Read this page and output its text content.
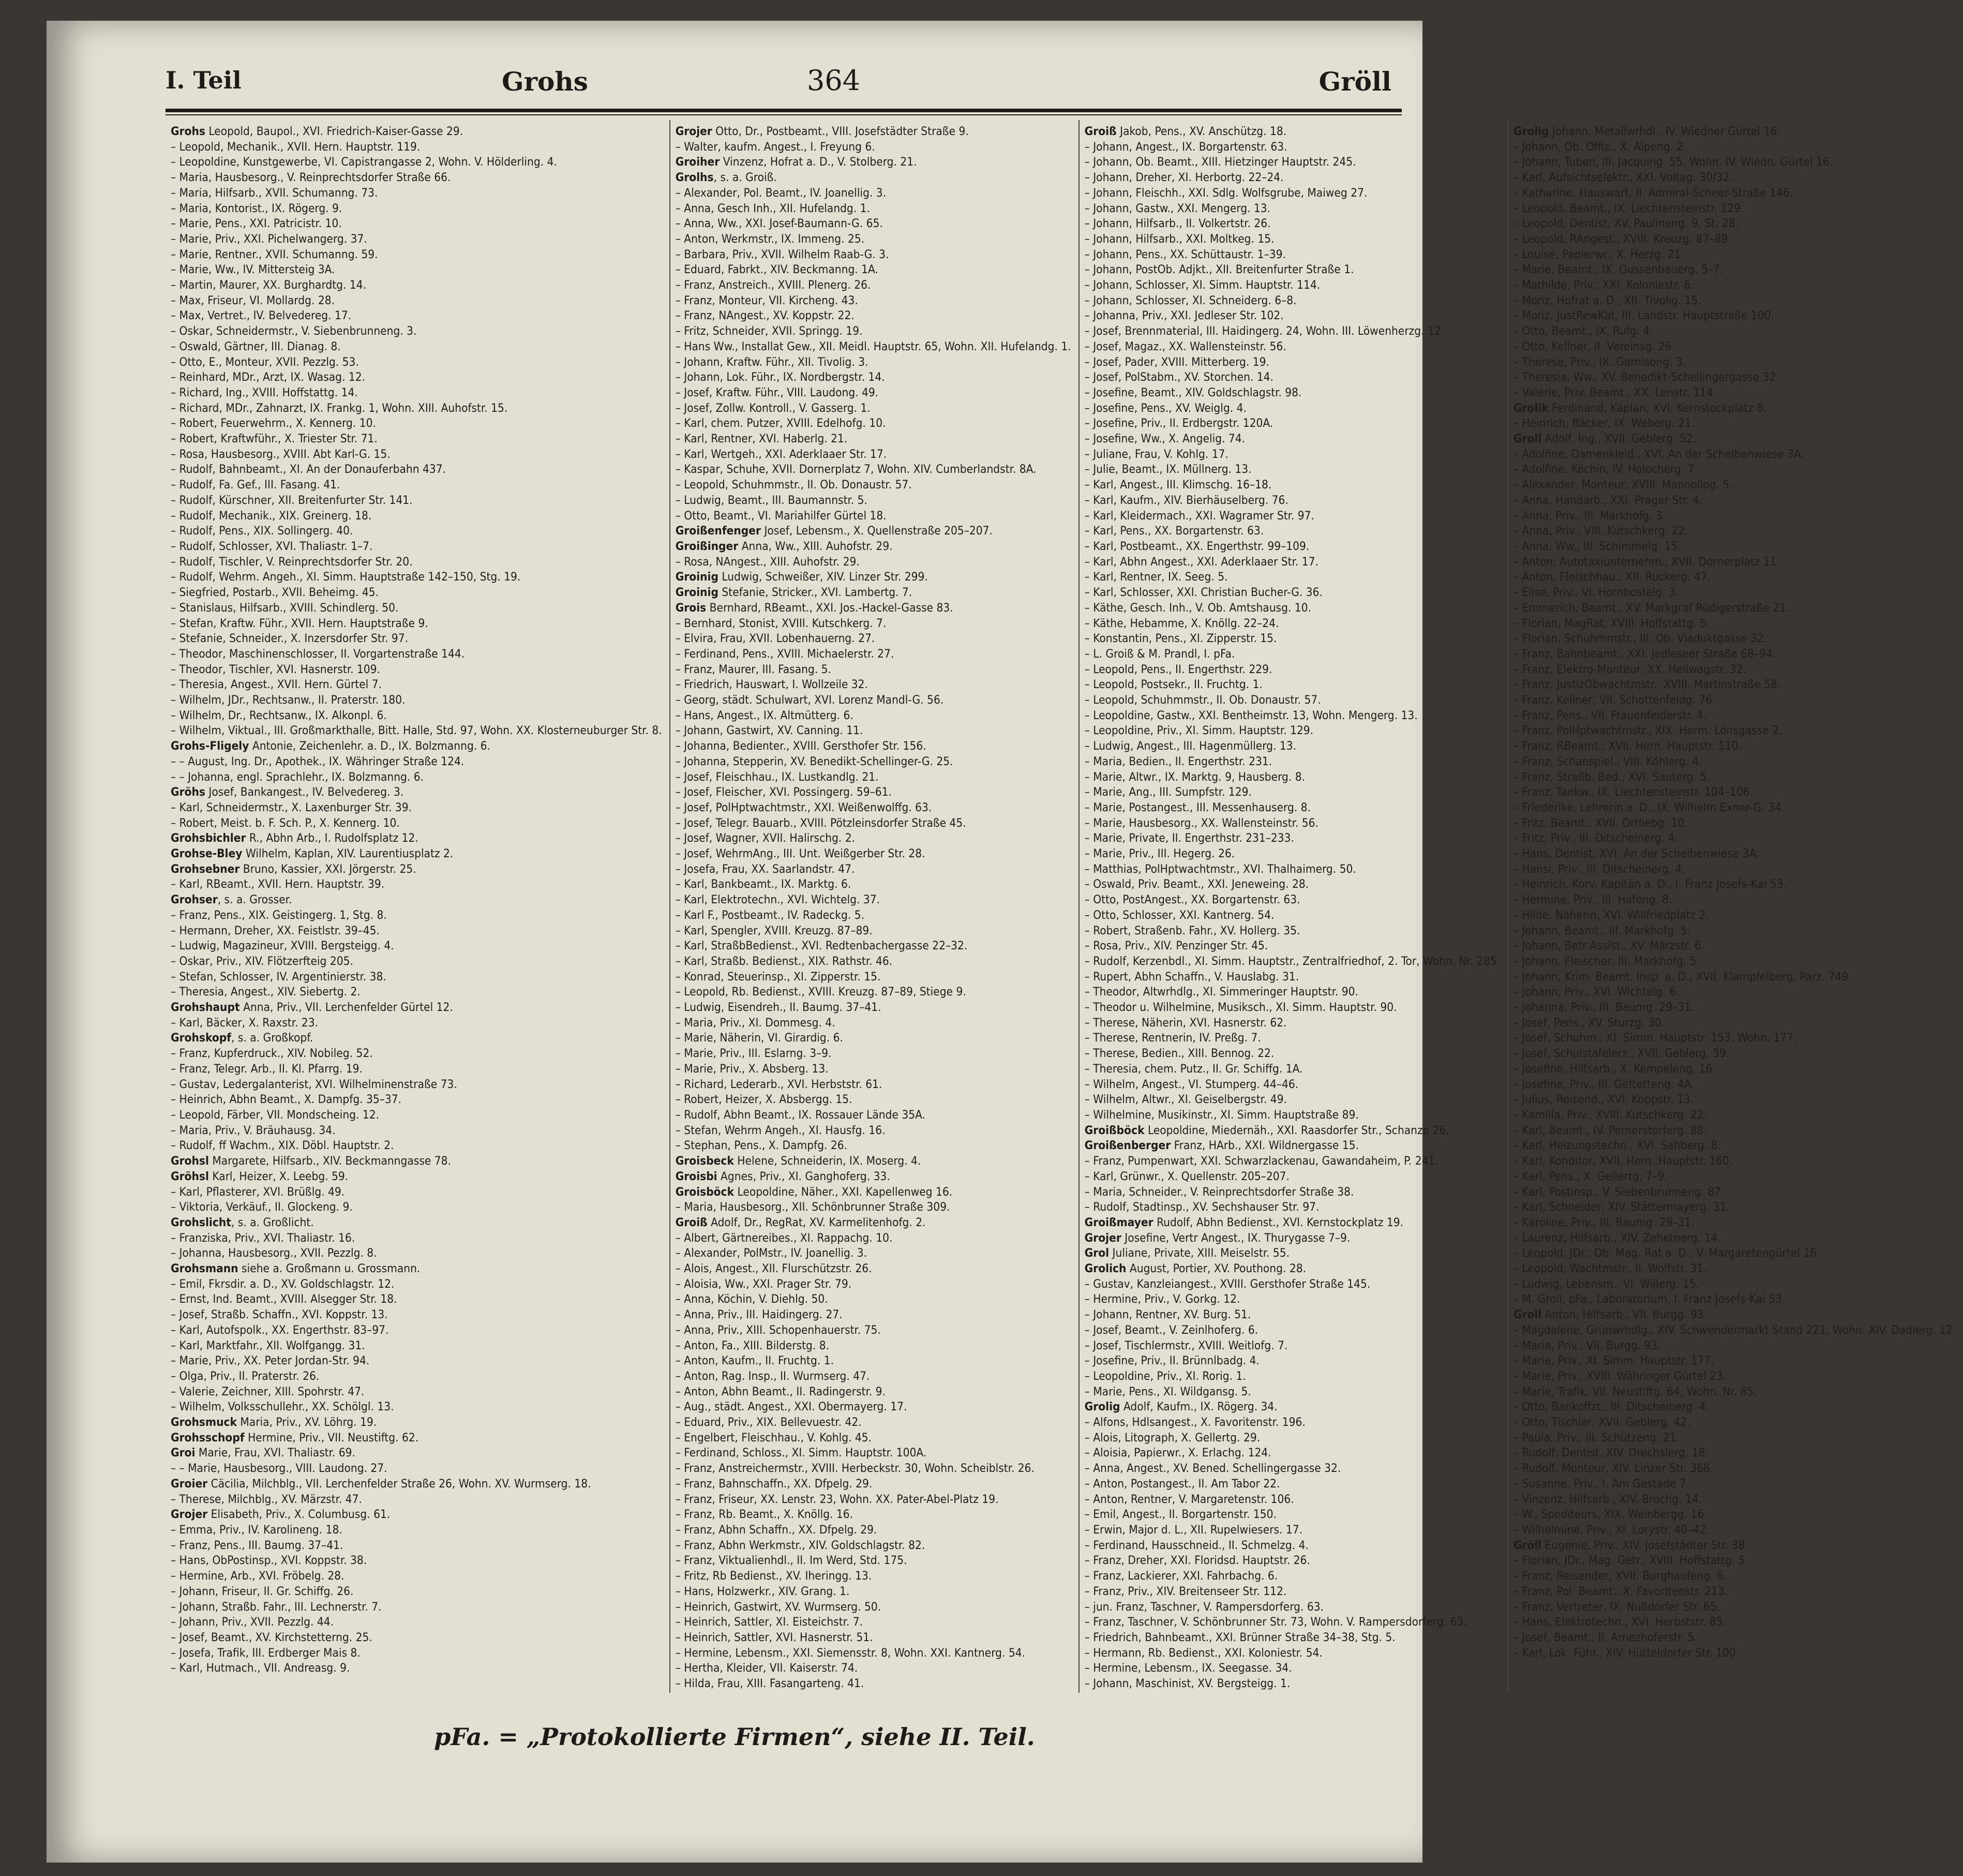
I. Teil	Grohs	364	Gröll
Grohs Leopold, Baupol., XVI. Friedrich-Kaiser-Gasse 29.
– Leopold, Mechanik., XVII. Hern. Hauptstr. 119.
– Leopoldine, Kunstgewerbe, VI. Capistrangasse 2, Wohn. V. Hölderling. 4.
– Maria, Hausbesorg., V. Reinprechtsdorfer Straße 66.
– Maria, Hilfsarb., XVII. Schumanng. 73.
– Maria, Kontorist., IX. Rögerg. 9.
– Marie, Pens., XXI. Patricistr. 10.
– Marie, Priv., XXI. Pichelwangerg. 37.
– Marie, Rentner., XVII. Schumanng. 59.
– Marie, Ww., IV. Mittersteig 3A.
– Martin, Maurer, XX. Burghardtg. 14.
– Max, Friseur, VI. Mollardg. 28.
– Max, Vertret., IV. Belvedereg. 17.
– Oskar, Schneidermstr., V. Siebenbrunneng. 3.
– Oswald, Gärtner, III. Dianag. 8.
– Otto, E., Monteur, XVII. Pezzlg. 53.
– Reinhard, MDr., Arzt, IX. Wasag. 12.
– Richard, Ing., XVIII. Hoffstattg. 14.
– Richard, MDr., Zahnarzt, IX. Frankg. 1, Wohn. XIII. Auhofstr. 15.
– Robert, Feuerwehrm., X. Kennerg. 10.
– Robert, Kraftwführ., X. Triester Str. 71.
– Rosa, Hausbesorg., XVIII. Abt Karl-G. 15.
– Rudolf, Bahnbeamt., XI. An der Donauferbahn 437.
– Rudolf, Fa. Gef., III. Fasang. 41.
– Rudolf, Kürschner, XII. Breitenfurter Str. 141.
– Rudolf, Mechanik., XIX. Greinerg. 18.
– Rudolf, Pens., XIX. Sollingerg. 40.
– Rudolf, Schlosser, XVI. Thaliastr. 1–7.
– Rudolf, Tischler, V. Reinprechtsdorfer Str. 20.
– Rudolf, Wehrm. Angeh., XI. Simm. Hauptstraße 142–150, Stg. 19.
– Siegfried, Postarb., XVII. Beheimg. 45.
– Stanislaus, Hilfsarb., XVIII. Schindlerg. 50.
– Stefan, Kraftw. Führ., XVII. Hern. Hauptstraße 9.
– Stefanie, Schneider., X. Inzersdorfer Str. 97.
– Theodor, Maschinenschlosser, II. Vorgartenstraße 144.
– Theodor, Tischler, XVI. Hasnerstr. 109.
– Theresia, Angest., XVII. Hern. Gürtel 7.
– Wilhelm, JDr., Rechtsanw., II. Praterstr. 180.
– Wilhelm, Dr., Rechtsanw., IX. Alkonpl. 6.
– Wilhelm, Viktual., III. Großmarkthalle, Bitt. Halle, Std. 97, Wohn. XX. Klosterneuburger Str. 8.
Grohs-Fligely Antonie, Zeichenlehr. a. D., IX. Bolzmanng. 6.
– – August, Ing. Dr., Apothek., IX. Währinger Straße 124.
– – Johanna, engl. Sprachlehr., IX. Bolzmanng. 6.
Gröhs Josef, Bankangest., IV. Belvedereg. 3.
– Karl, Schneidermstr., X. Laxenburger Str. 39.
– Robert, Meist. b. F. Sch. P., X. Kennerg. 10.
Grohsbichler R., Abhn Arb., I. Rudolfsplatz 12.
Grohse-Bley Wilhelm, Kaplan, XIV. Laurentiusplatz 2.
Grohsebner Bruno, Kassier, XXI. Jörgerstr. 25.
– Karl, RBeamt., XVII. Hern. Hauptstr. 39.
Grohser, s. a. Grosser.
– Franz, Pens., XIX. Geistingerg. 1, Stg. 8.
– Hermann, Dreher, XX. Feistlstr. 39–45.
– Ludwig, Magazineur, XVIII. Bergsteigg. 4.
– Oskar, Priv., XIV. Flötzerfteig 205.
– Stefan, Schlosser, IV. Argentinierstr. 38.
– Theresia, Angest., XIV. Siebertg. 2.
Grohshaupt Anna, Priv., VII. Lerchenfelder Gürtel 12.
– Karl, Bäcker, X. Raxstr. 23.
Grohskopf, s. a. Großkopf.
– Franz, Kupferdruck., XIV. Nobileg. 52.
– Franz, Telegr. Arb., II. Kl. Pfarrg. 19.
– Gustav, Ledergalanterist, XVI. Wilhelminenstraße 73.
– Heinrich, Abhn Beamt., X. Dampfg. 35–37.
– Leopold, Färber, VII. Mondscheing. 12.
– Maria, Priv., V. Bräuhausg. 34.
– Rudolf, ff Wachm., XIX. Döbl. Hauptstr. 2.
Grohsl Margarete, Hilfsarb., XIV. Beckmanngasse 78.
Gröhsl Karl, Heizer, X. Leebg. 59.
– Karl, Pflasterer, XVI. Brüßlg. 49.
– Viktoria, Verkäuf., II. Glockeng. 9.
Grohslicht, s. a. Großlicht.
– Franziska, Priv., XVI. Thaliastr. 16.
– Johanna, Hausbesorg., XVII. Pezzlg. 8.
Grohsmann siehe a. Großmann u. Grossmann.
– Emil, Fkrsdir. a. D., XV. Goldschlagstr. 12.
– Ernst, Ind. Beamt., XVIII. Alsegger Str. 18.
– Josef, Straßb. Schaffn., XVI. Koppstr. 13.
– Karl, Autofspolk., XX. Engerthstr. 83–97.
– Karl, Marktfahr., XII. Wolfgangg. 31.
– Marie, Priv., XX. Peter Jordan-Str. 94.
– Olga, Priv., II. Praterstr. 26.
– Valerie, Zeichner, XIII. Spohrstr. 47.
– Wilhelm, Volksschullehr., XX. Schölgl. 13.
Grohsmuck Maria, Priv., XV. Löhrg. 19.
Grohsschopf Hermine, Priv., VII. Neustiftg. 62.
Groi Marie, Frau, XVI. Thaliastr. 69.
– – Marie, Hausbesorg., VIII. Laudong. 27.
Groier Cäcilia, Milchblg., VII. Lerchenfelder Straße 26, Wohn. XV. Wurmserg. 18.
– Therese, Milchblg., XV. Märzstr. 47.
Grojer Elisabeth, Priv., X. Columbusg. 61.
– Emma, Priv., IV. Karolineng. 18.
– Franz, Pens., III. Baumg. 37–41.
– Hans, ObPostinsp., XVI. Koppstr. 38.
– Hermine, Arb., XVI. Fröbelg. 28.
– Johann, Friseur, II. Gr. Schiffg. 26.
– Johann, Straßb. Fahr., III. Lechnerstr. 7.
– Johann, Priv., XVII. Pezzlg. 44.
– Josef, Beamt., XV. Kirchstetterng. 25.
– Josefa, Trafik, III. Erdberger Mais 8.
– Karl, Hutmach., VII. Andreasg. 9.
Grojer Otto, Dr., Postbeamt., VIII. Josefstädter Straße 9.
– Walter, kaufm. Angest., I. Freyung 6.
Groiher Vinzenz, Hofrat a. D., V. Stolberg. 21.
Grolhs, s. a. Groiß.
– Alexander, Pol. Beamt., IV. Joanellig. 3.
– Anna, Gesch Inh., XII. Hufelandg. 1.
– Anna, Ww., XXI. Josef-Baumann-G. 65.
– Anton, Werkmstr., IX. Immeng. 25.
– Barbara, Priv., XVII. Wilhelm Raab-G. 3.
– Eduard, Fabrkt., XIV. Beckmanng. 1A.
– Franz, Anstreich., XVIII. Plenerg. 26.
– Franz, Monteur, VII. Kircheng. 43.
– Franz, NAngest., XV. Koppstr. 22.
– Fritz, Schneider, XVII. Springg. 19.
– Hans Ww., Installat Gew., XII. Meidl. Hauptstr. 65, Wohn. XII. Hufelandg. 1.
– Johann, Kraftw. Führ., XII. Tivolig. 3.
– Johann, Lok. Führ., IX. Nordbergstr. 14.
– Josef, Kraftw. Führ., VIII. Laudong. 49.
– Josef, Zollw. Kontroll., V. Gasserg. 1.
– Karl, chem. Putzer, XVIII. Edelhofg. 10.
– Karl, Rentner, XVI. Haberlg. 21.
– Karl, Wertgeh., XXI. Aderklaaer Str. 17.
– Kaspar, Schuhe, XVII. Dornerplatz 7, Wohn. XIV. Cumberlandstr. 8A.
– Leopold, Schuhmmstr., II. Ob. Donaustr. 57.
– Ludwig, Beamt., III. Baumannstr. 5.
– Otto, Beamt., VI. Mariahilfer Gürtel 18.
Groißenfenger Josef, Lebensm., X. Quellenstraße 205–207.
Groißinger Anna, Ww., XIII. Auhofstr. 29.
– Rosa, NAngest., XIII. Auhofstr. 29.
Groinig Ludwig, Schweißer, XIV. Linzer Str. 299.
Groinig Stefanie, Stricker., XVI. Lambertg. 7.
Grois Bernhard, RBeamt., XXI. Jos.-Hackel-Gasse 83.
– Bernhard, Stonist, XVIII. Kutschkerg. 7.
– Elvira, Frau, XVII. Lobenhauerng. 27.
– Ferdinand, Pens., XVIII. Michaelerstr. 27.
– Franz, Maurer, III. Fasang. 5.
– Friedrich, Hauswart, I. Wollzeile 32.
– Georg, städt. Schulwart, XVI. Lorenz Mandl-G. 56.
– Hans, Angest., IX. Altmütterg. 6.
– Johann, Gastwirt, XV. Canning. 11.
– Johanna, Bedienter., XVIII. Gersthofer Str. 156.
– Johanna, Stepperin, XV. Benedikt-Schellinger-G. 25.
– Josef, Fleischhau., IX. Lustkandlg. 21.
– Josef, Fleischer, XVI. Possingerg. 59–61.
– Josef, PolHptwachtmstr., XXI. Weißenwolffg. 63.
– Josef, Telegr. Bauarb., XVIII. Pötzleinsdorfer Straße 45.
– Josef, Wagner, XVII. Halirschg. 2.
– Josef, WehrmAng., III. Unt. Weißgerber Str. 28.
– Josefa, Frau, XX. Saarlandstr. 47.
– Karl, Bankbeamt., IX. Marktg. 6.
– Karl, Elektrotechn., XVI. Wichtelg. 37.
– Karl F., Postbeamt., IV. Radeckg. 5.
– Karl, Spengler, XVIII. Kreuzg. 87–89.
– Karl, StraßbBedienst., XVI. Redtenbachergasse 22–32.
– Karl, Straßb. Bedienst., XIX. Rathstr. 46.
– Konrad, Steuerinsp., XI. Zipperstr. 15.
– Leopold, Rb. Bedienst., XVIII. Kreuzg. 87–89, Stiege 9.
– Ludwig, Eisendreh., II. Baumg. 37–41.
– Maria, Priv., XI. Dommesg. 4.
– Marie, Näherin, VI. Girardig. 6.
– Marie, Priv., III. Eslarng. 3–9.
– Marie, Priv., X. Absberg. 13.
– Richard, Lederarb., XVI. Herbststr. 61.
– Robert, Heizer, X. Absbergg. 15.
– Rudolf, Abhn Beamt., IX. Rossauer Lände 35A.
– Stefan, Wehrm Angeh., XI. Hausfg. 16.
– Stephan, Pens., X. Dampfg. 26.
Groisbeck Helene, Schneiderin, IX. Moserg. 4.
Groisbi Agnes, Priv., XI. Ganghoferg. 33.
Groisböck Leopoldine, Näher., XXI. Kapellenweg 16.
– Maria, Hausbesorg., XII. Schönbrunner Straße 309.
Groiß Adolf, Dr., RegRat, XV. Karmelitenhofg. 2.
– Albert, Gärtnereibes., XI. Rappachg. 10.
– Alexander, PolMstr., IV. Joanellig. 3.
– Alois, Angest., XII. Flurschützstr. 26.
– Aloisia, Ww., XXI. Prager Str. 79.
– Anna, Köchin, V. Diehlg. 50.
– Anna, Priv., III. Haidingerg. 27.
– Anna, Priv., XIII. Schopenhauerstr. 75.
– Anton, Fa., XIII. Bilderstg. 8.
– Anton, Kaufm., II. Fruchtg. 1.
– Anton, Rag. Insp., II. Wurmserg. 47.
– Anton, Abhn Beamt., II. Radingerstr. 9.
– Aug., städt. Angest., XXI. Obermayerg. 17.
– Eduard, Priv., XIX. Bellevuestr. 42.
– Engelbert, Fleischhau., V. Kohlg. 45.
– Ferdinand, Schloss., XI. Simm. Hauptstr. 100A.
– Franz, Anstreichermstr., XVIII. Herbeckstr. 30, Wohn. Scheiblstr. 26.
– Franz, Bahnschaffn., XX. Dfpelg. 29.
– Franz, Friseur, XX. Lenstr. 23, Wohn. XX. Pater-Abel-Platz 19.
– Franz, Rb. Beamt., X. Knöllg. 16.
– Franz, Abhn Schaffn., XX. Dfpelg. 29.
– Franz, Abhn Werkmstr., XIV. Goldschlagstr. 82.
– Franz, Viktualienhdl., II. Im Werd, Std. 175.
– Fritz, Rb Bedienst., XV. Iheringg. 13.
– Hans, Holzwerkr., XIV. Grang. 1.
– Heinrich, Gastwirt, XV. Wurmserg. 50.
– Heinrich, Sattler, XI. Eisteichstr. 7.
– Heinrich, Sattler, XVI. Hasnerstr. 51.
– Hermine, Lebensm., XXI. Siemensstr. 8, Wohn. XXI. Kantnerg. 54.
– Hertha, Kleider, VII. Kaiserstr. 74.
– Hilda, Frau, XIII. Fasangarteng. 41.
Groiß Jakob, Pens., XV. Anschützg. 18.
– Johann, Angest., IX. Borgartenstr. 63.
– Johann, Ob. Beamt., XIII. Hietzinger Hauptstr. 245.
– Johann, Dreher, XI. Herbortg. 22–24.
– Johann, Fleischh., XXI. Sdlg. Wolfsgrube, Maiweg 27.
– Johann, Gastw., XXI. Mengerg. 13.
– Johann, Hilfsarb., II. Volkertstr. 26.
– Johann, Hilfsarb., XXI. Moltkeg. 15.
– Johann, Pens., XX. Schüttaustr. 1–39.
– Johann, PostOb. Adjkt., XII. Breitenfurter Straße 1.
– Johann, Schlosser, XI. Simm. Hauptstr. 114.
– Johann, Schlosser, XI. Schneiderg. 6–8.
– Johanna, Priv., XXI. Jedleser Str. 102.
– Josef, Brennmaterial, III. Haidingerg. 24, Wohn. III. Löwenherzg. 12.
– Josef, Magaz., XX. Wallensteinstr. 56.
– Josef, Pader, XVIII. Mitterberg. 19.
– Josef, PolStabm., XV. Storchen. 14.
– Josefine, Beamt., XIV. Goldschlagstr. 98.
– Josefine, Pens., XV. Weiglg. 4.
– Josefine, Priv., II. Erdbergstr. 120A.
– Josefine, Ww., X. Angelig. 74.
– Juliane, Frau, V. Kohlg. 17.
– Julie, Beamt., IX. Müllnerg. 13.
– Karl, Angest., III. Klimschg. 16–18.
– Karl, Kaufm., XIV. Bierhäuselberg. 76.
– Karl, Kleidermach., XXI. Wagramer Str. 97.
– Karl, Pens., XX. Borgartenstr. 63.
– Karl, Postbeamt., XX. Engerthstr. 99–109.
– Karl, Abhn Angest., XXI. Aderklaaer Str. 17.
– Karl, Rentner, IX. Seeg. 5.
– Karl, Schlosser, XXI. Christian Bucher-G. 36.
– Käthe, Gesch. Inh., V. Ob. Amtshausg. 10.
– Käthe, Hebamme, X. Knöllg. 22–24.
– Konstantin, Pens., XI. Zipperstr. 15.
– L. Groiß & M. Prandl, I. pFa.
– Leopold, Pens., II. Engerthstr. 229.
– Leopold, Postsekr., II. Fruchtg. 1.
– Leopold, Schuhmmstr., II. Ob. Donaustr. 57.
– Leopoldine, Gastw., XXI. Bentheimstr. 13, Wohn. Mengerg. 13.
– Leopoldine, Priv., XI. Simm. Hauptstr. 129.
– Ludwig, Angest., III. Hagenmüllerg. 13.
– Maria, Bedien., II. Engerthstr. 231.
– Marie, Altwr., IX. Marktg. 9, Hausberg. 8.
– Marie, Ang., III. Sumpfstr. 129.
– Marie, Postangest., III. Messenhauserg. 8.
– Marie, Hausbesorg., XX. Wallensteinstr. 56.
– Marie, Private, II. Engerthstr. 231–233.
– Marie, Priv., III. Hegerg. 26.
– Matthias, PolHptwachtmstr., XVI. Thalhaimerg. 50.
– Oswald, Priv. Beamt., XXI. Jeneweing. 28.
– Otto, PostAngest., XX. Borgartenstr. 63.
– Otto, Schlosser, XXI. Kantnerg. 54.
– Robert, Straßenb. Fahr., XV. Hollerg. 35.
– Rosa, Priv., XIV. Penzinger Str. 45.
– Rudolf, Kerzenbdl., XI. Simm. Hauptstr., Zentralfriedhof, 2. Tor, Wohn. Nr. 285.
– Rupert, Abhn Schaffn., V. Hauslabg. 31.
– Theodor, Altwrhdlg., XI. Simmeringer Hauptstr. 90.
– Theodor u. Wilhelmine, Musiksch., XI. Simm. Hauptstr. 90.
– Therese, Näherin, XVI. Hasnerstr. 62.
– Therese, Rentnerin, IV. Preßg. 7.
– Therese, Bedien., XIII. Bennog. 22.
– Theresia, chem. Putz., II. Gr. Schiffg. 1A.
– Wilhelm, Angest., VI. Stumperg. 44–46.
– Wilhelm, Altwr., XI. Geiselbergstr. 49.
– Wilhelmine, Musikinstr., XI. Simm. Hauptstraße 89.
Groißböck Leopoldine, Miedernäh., XXI. Raasdorfer Str., Schanze 26.
Groißenberger Franz, HArb., XXI. Wildnergasse 15.
– Franz, Pumpenwart, XXI. Schwarzlackenau, Gawandaheim, P. 241.
– Karl, Grünwr., X. Quellenstr. 205–207.
– Maria, Schneider., V. Reinprechtsdorfer Straße 38.
– Rudolf, Stadtinsp., XV. Sechshauser Str. 97.
Groißmayer Rudolf, Abhn Bedienst., XVI. Kernstockplatz 19.
Grojer Josefine, Vertr Angest., IX. Thurygasse 7–9.
Grol Juliane, Private, XIII. Meiselstr. 55.
Grolich August, Portier, XV. Pouthong. 28.
– Gustav, Kanzleiangest., XVIII. Gersthofer Straße 145.
– Hermine, Priv., V. Gorkg. 12.
– Johann, Rentner, XV. Burg. 51.
– Josef, Beamt., V. Zeinlhoferg. 6.
– Josef, Tischlermstr., XVIII. Weitlofg. 7.
– Josefine, Priv., II. Brünnlbadg. 4.
– Leopoldine, Priv., XI. Rorig. 1.
– Marie, Pens., XI. Wildgansg. 5.
Grolig Adolf, Kaufm., IX. Rögerg. 34.
– Alfons, Hdlsangest., X. Favoritenstr. 196.
– Alois, Litograph, X. Gellertg. 29.
– Aloisia, Papierwr., X. Erlachg. 124.
– Anna, Angest., XV. Bened. Schellingergasse 32.
– Anton, Postangest., II. Am Tabor 22.
– Anton, Rentner, V. Margaretenstr. 106.
– Emil, Angest., II. Borgartenstr. 150.
– Erwin, Major d. L., XII. Rupelwiesers. 17.
– Ferdinand, Hausschneid., II. Schmelzg. 4.
– Franz, Dreher, XXI. Floridsd. Hauptstr. 26.
– Franz, Lackierer, XXI. Fahrbachg. 6.
– Franz, Priv., XIV. Breitenseer Str. 112.
– jun. Franz, Taschner, V. Rampersdorferg. 63.
– Franz, Taschner, V. Schönbrunner Str. 73, Wohn. V. Rampersdorferg. 63.
– Friedrich, Bahnbeamt., XXI. Brünner Straße 34–38, Stg. 5.
– Hermann, Rb. Bedienst., XXI. Koloniestr. 54.
– Hermine, Lebensm., IX. Seegasse. 34.
– Johann, Maschinist, XV. Bergsteigg. 1.
Grolig Johann, Metallwrhdl., IV. Wiedner Gürtel 16.
– Johann, Ob. Offiz., X. Alpeng. 2.
– Johann, Tuben, III. Jacquing. 55, Wohn. IV. Wiedn. Gürtel 16.
– Karl, Aufsichtselektr., XXI. Voltag. 30/32.
– Katharine, Hauswart, II. Admiral-Scheer-Straße 146.
– Leopold, Beamt., IX. Liechtensteinstr. 129.
– Leopold, Dentist, XV. Paulineng. 9, St. 28.
– Leopold, RAngest., XVIII. Kreuzg. 87–89.
– Louise, Papierwr., X. Herzg. 21.
– Marie, Beamt., IX. Gussenbauerg. 5–7.
– Mathilde, Priv., XXI. Koloniestr. 6.
– Moriz, Hofrat a. D., XII. Tivolig. 15.
– Moriz, JustRewKat, III. Landstr. Hauptstraße 100.
– Otto, Beamt., IX. Rufg. 4.
– Otto, Kellner, II. Vereinsg. 26.
– Therese, Priv., IX. Garnisong. 3.
– Theresia, Ww., XV. Benedikt-Schellingergasse 32.
– Valerie, Priv. Beamt., XX. Lenstr. 114.
Grolik Ferdinand, Kaplan, XVI. Kernstockplatz 8.
– Heinrich, Bäcker, IX. Weberg. 21.
Groll Adolf, Ing., XVII. Geblerg. 52.
– Adolfine, Damenkleid., XVI. An der Scheibenwiese 3A.
– Adolfine, Köchin, IV. Holocherg. 7.
– Alexander, Monteur, XVIII. Mannollog. 5.
– Anna, Handarb., XXI. Prager Str. 4.
– Anna, Priv., III. Markhofg. 3.
– Anna, Priv., VIII. Kutschkerg. 22.
– Anna, Ww., III. Schimmelg. 15.
– Anton, Autotaxiunternehm., XVII. Dornerplatz 11.
– Anton, Fleischhau., XII. Ruckerg. 47.
– Elise, Priv., VI. Hornbostelg. 3.
– Emmerich, Beamt., XV. Markgraf Rüdigerstraße 21.
– Florian, MagRat, XVIII. Hoffstattg. 5.
– Florian, Schuhmmstr., III. Ob. Viaduktgasse 32.
– Franz, Bahnbeamt., XXI. Jedleseer Straße 68–94.
– Franz, Elektro-Monteur, XX. Hellwagstr. 32.
– Franz, JustizObwachtmstr., XVIII. Martinstraße 58.
– Franz, Kellner, VII. Schottenfeldg. 76.
– Franz, Pens., VII. Frauenfelderstr. 4.
– Franz, PolHptwachtmstr., XIX. Herm. Lönsgasse 2.
– Franz, RBeamt., XVII. Hern. Hauptstr. 110.
– Franz, Schanspiel., VIII. Köhlerg. 4.
– Franz, Straßb. Bed., XVI. Sauterg. 5.
– Franz, Tankw., IX. Liechtensteinstr. 104–106.
– Friederike, Lehrerin a. D., IX. Wilhelm Exner-G. 34.
– Fritz, Beamt., XVII. Ortliebg. 10.
– Fritz, Priv., III. Ditscheinerg. 4.
– Hans, Dentist, XVI. An der Scheibenwiese 3A.
– Hansi, Priv., III. Ditscheinerg. 4.
– Heinrich, Korv. Kapitän a. D., I. Franz Josefs-Kai 53.
– Hermine, Priv., III. Hafeng. 8.
– Hilde, Näherin, XVI. Willfriedplatz 2.
– Johann, Beamt., III. Markhofg. 5.
– Johann, Betr Assist., XV. Märzstr. 6.
– Johann, Fleischer, III. Markhofg. 5.
– Johann, Krim. Beamt. Insp. a. D., XVII. Klampfelberg, Parz. 749.
– Johann, Priv., XVI. Wichtelg. 6.
– Johanna, Priv., III. Baumg. 29–31.
– Josef, Pens., XV. Sturzg. 30.
– Josef, Schuhm., XI. Simm. Hauptstr. 153, Wohn. 177.
– Josef, Schulstafelerz., XVII. Geblerg. 39.
– Josefine, Hilfsarb., X. Kempeleng. 16.
– Josefine, Priv., III. Geftetteng. 4A.
– Julius, Reisend., XVI. Koppstr. 13.
– Kamilla, Priv., XVIII. Kutschkerg. 22.
– Karl, Beamt., IV. Pernerstorferg. 88.
– Karl, Heizungstechn., XVI. Sahberg. 8.
– Karl, Konditor, XVII. Hern. Hauptstr. 160.
– Karl, Pens., X. Gellertg. 7–9.
– Karl, Postinsp., V. Siebenbrunneng. 87.
– Karl, Schneider, XIV. Stättermayerg. 31.
– Karoline, Priv., III. Baumg. 29–31.
– Laurenz, Hilfsarb., XIV. Zehetnerg. 14.
– Leopold, JDr., Ob. Mag. Rat a. D., V. Margaretengürtel 16.
– Leopold, Wachtmstr., II. Wolfstr. 31.
– Ludwig, Lebensm., VI. Willerg. 15.
– M. Groll, pFa., Laboratorium, I. Franz Josefs-Kai 53.
Groll Anton, Hilfsarb., VII. Burgg. 93.
– Magdalene, Grünwrhdlg., XIV. Schwendermarkt Stand 221, Wohn. XIV. Dadlerg. 12.
– Maria, Priv., VII. Burgg. 93.
– Marie, Priv., XI. Simm. Hauptstr. 177.
– Marie, Priv., XVIII. Währinger Gürtel 23.
– Marie, Trafik, VII. Neustiftg. 64, Wohn. Nr. 85.
– Otto, Bankoffzt., III. Ditscheinerg. 4.
– Otto, Tischler, XVII. Geblerg. 42.
– Paula, Priv., III. Schützeng. 21.
– Rudolf, Dentist, XIV. Drechslerg. 18.
– Rudolf, Monteur, XIV. Linzer Str. 368.
– Susanne, Priv., I. Am Gestade 7.
– Vinzenz, Hilfsarb., XIV. Brochg. 14.
– W., Spediteurs, XIX. Weinbergg. 16.
– Wilhelmine, Priv., XI. Lorystr. 40–42.
Gröll Eugenie, Priv., XIV. Josefstädter Str. 38.
– Florian, JDr., Mag. Getr., XVIII. Hoffstattg. 5.
– Franz, Reisender, XVII. Burghaufeng. 6.
– Franz, Pol. Beamt., X. Favoritenstr. 213.
– Franz, Vertreter, IX. Nußdorfer Str. 65.
– Hans, Elektrotechn., XVI. Herbststr. 85.
– Josef, Beamt., II. Arnezhoferstr. 5.
– Karl, Lok. Führ., XIV. Hütteldorfer Str. 100.
pFa. = „Protokollierte Firmen“, siehe II. Teil.
